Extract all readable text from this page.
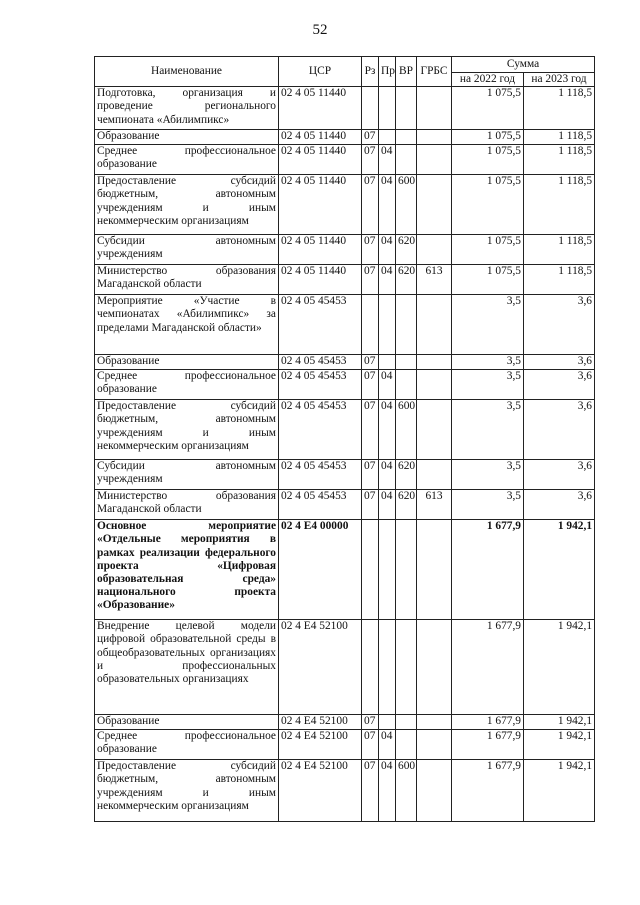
52
Наименование	ЦСР	Рз	Пр	ВР	ГРБС	Сумма	
						на 2022 год	на 2023 год
Подготовка, организация и проведение регионального чемпионата «Абилимпикс»	02 4 05 11440					1 075,5	1 118,5
Образование	02 4 05 11440	07				1 075,5	1 118,5
Среднее профессиональное образование	02 4 05 11440	07	04			1 075,5	1 118,5
Предоставление субсидий бюджетным, автономным учреждениям и иным некоммерческим организациям	02 4 05 11440	07	04	600		1 075,5	1 118,5
Субсидии автономным учреждениям	02 4 05 11440	07	04	620		1 075,5	1 118,5
Министерство образования Магаданской области	02 4 05 11440	07	04	620	613	1 075,5	1 118,5
Мероприятие «Участие в чемпионатах «Абилимпикс» за пределами Магаданской области»	02 4 05 45453					3,5	3,6
Образование	02 4 05 45453	07				3,5	3,6
Среднее профессиональное образование	02 4 05 45453	07	04			3,5	3,6
Предоставление субсидий бюджетным, автономным учреждениям и иным некоммерческим организациям	02 4 05 45453	07	04	600		3,5	3,6
Субсидии автономным учреждениям	02 4 05 45453	07	04	620		3,5	3,6
Министерство образования Магаданской области	02 4 05 45453	07	04	620	613	3,5	3,6
Основное мероприятие «Отдельные мероприятия в рамках реализации федерального проекта «Цифровая образовательная среда» национального проекта «Образование»	02 4 Е4 00000					1 677,9	1 942,1
Внедрение целевой модели цифровой образовательной среды в общеобразовательных организациях и профессиональных образовательных организациях	02 4 Е4 52100					1 677,9	1 942,1
Образование	02 4 Е4 52100	07				1 677,9	1 942,1
Среднее профессиональное образование	02 4 Е4 52100	07	04			1 677,9	1 942,1
Предоставление субсидий бюджетным, автономным учреждениям и иным некоммерческим организациям	02 4 Е4 52100	07	04	600		1 677,9	1 942,1
